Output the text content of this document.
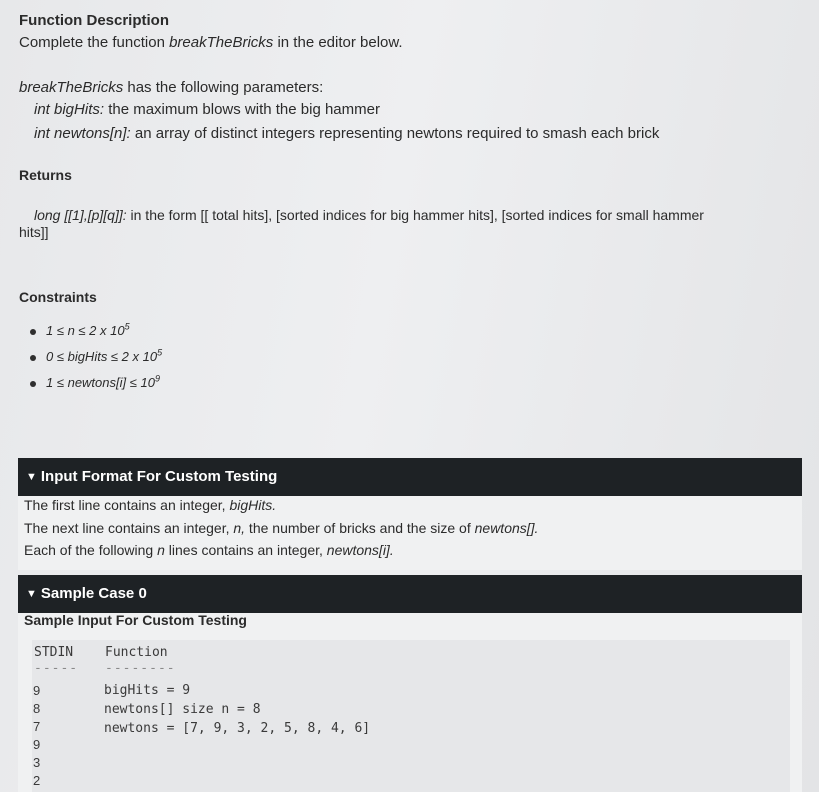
Function Description
Complete the function breakTheBricks in the editor below.
breakTheBricks has the following parameters:
int bigHits: the maximum blows with the big hammer
int newtons[n]: an array of distinct integers representing newtons required to smash each brick
Returns
long [[1],[p][q]]: in the form [[ total hits], [sorted indices for big hammer hits], [sorted indices for small hammer
hits]]
Constraints
1 ≤ n ≤ 2 x $10^5$
0 ≤ bigHits ≤ 2 x $10^5$
1 ≤ newtons[i] ≤ $10^9$
▼ Input Format For Custom Testing
The first line contains an integer, bigHits.
The next line contains an integer, n, the number of bricks and the size of newtons[].
Each of the following n lines contains an integer, newtons[i].
▼ Sample Case 0
Sample Input For Custom Testing
STDIN Function
----- --------
9
8
7
9
3
2
bigHits = 9
newtons[] size n = 8
newtons = [7, 9, 3, 2, 5, 8, 4, 6]
